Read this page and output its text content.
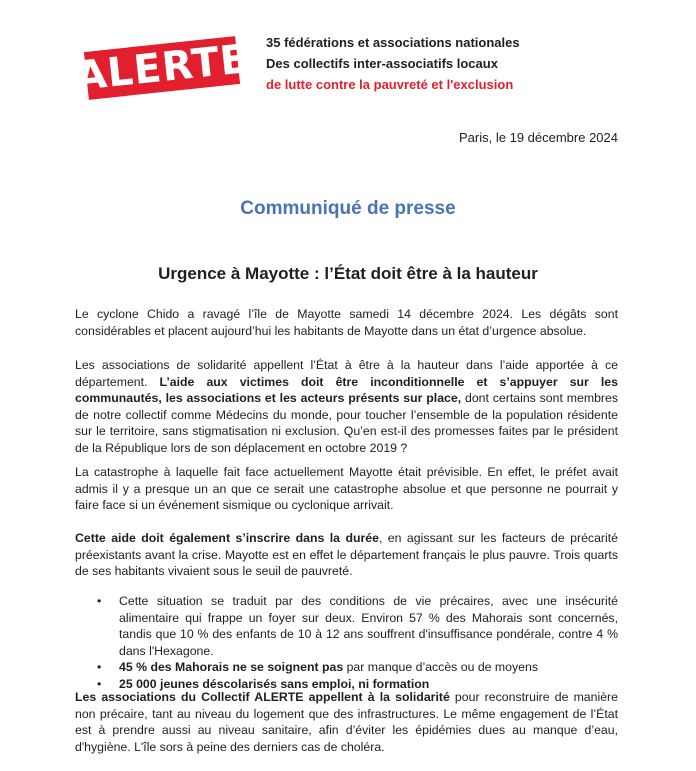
ALERTE 35 fédérations et associations nationales
Des collectifs inter-associatifs locaux
de lutte contre la pauvreté et l'exclusion
Paris, le 19 décembre 2024
Communiqué de presse
Urgence à Mayotte : l’État doit être à la hauteur

Le cyclone Chido a ravagé l’île de Mayotte samedi 14 décembre 2024. Les dégâts sont considérables et placent aujourd’hui les habitants de Mayotte dans un état d’urgence absolue.

Les associations de solidarité appellent l’État à être à la hauteur dans l’aide apportée à ce département. L’aide aux victimes doit être inconditionnelle et s’appuyer sur les communautés, les associations et les acteurs présents sur place, dont certains sont membres de notre collectif comme Médecins du monde, pour toucher l’ensemble de la population résidente sur le territoire, sans stigmatisation ni exclusion. Qu’en est-il des promesses faites par le président de la République lors de son déplacement en octobre 2019 ?

La catastrophe à laquelle fait face actuellement Mayotte était prévisible. En effet, le préfet avait admis il y a presque un an que ce serait une catastrophe absolue et que personne ne pourrait y faire face si un événement sismique ou cyclonique arrivait.

Cette aide doit également s’inscrire dans la durée, en agissant sur les facteurs de précarité préexistants avant la crise. Mayotte est en effet le département français le plus pauvre. Trois quarts de ses habitants vivaient sous le seuil de pauvreté.

• Cette situation se traduit par des conditions de vie précaires, avec une insécurité alimentaire qui frappe un foyer sur deux. Environ 57 % des Mahorais sont concernés, tandis que 10 % des enfants de 10 à 12 ans souffrent d'insuffisance pondérale, contre 4 % dans l'Hexagone.
• 45 % des Mahorais ne se soignent pas par manque d’accès ou de moyens
• 25 000 jeunes déscolarisés sans emploi, ni formation

Les associations du Collectif ALERTE appellent à la solidarité pour reconstruire de manière non précaire, tant au niveau du logement que des infrastructures. Le même engagement de l’État est à prendre aussi au niveau sanitaire, afin d’éviter les épidémies dues au manque d’eau, d'hygiène. L'île sors à peine des derniers cas de choléra.
